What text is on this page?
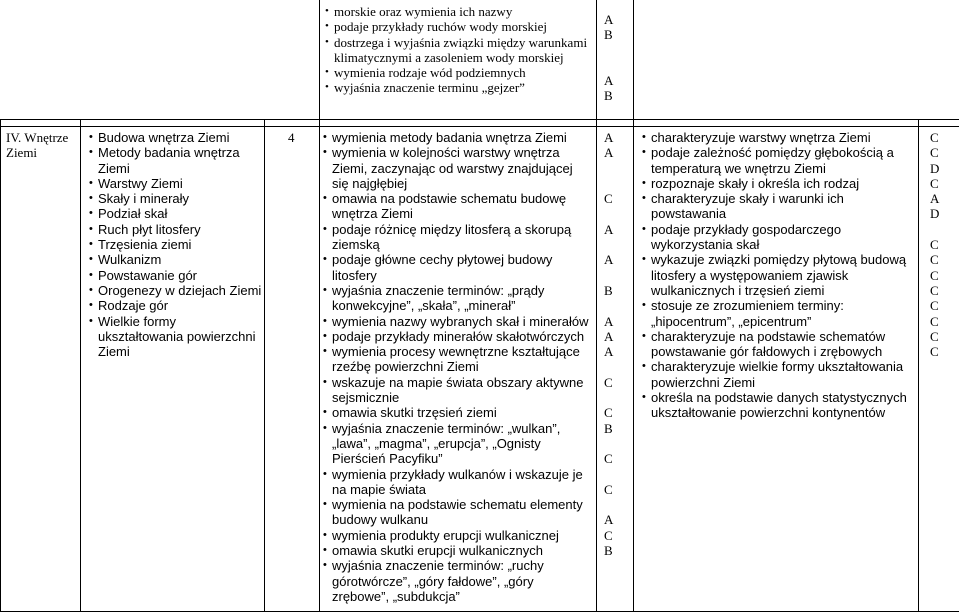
• morskie oraz wymienia ich nazwy
• podaje przykłady ruchów wody morskiej
• dostrzega i wyjaśnia związki między warunkami klimatycznymi a zasoleniem wody morskiej
• wymienia rodzaje wód podziemnych
• wyjaśnia znaczenie terminu „gejzer”
A
B
A
B
IV. Wnętrze Ziemi
• Budowa wnętrza Ziemi
• Metody badania wnętrza Ziemi
• Warstwy Ziemi
• Skały i minerały
• Podział skał
• Ruch płyt litosfery
• Trzęsienia ziemi
• Wulkanizm
• Powstawanie gór
• Orogenezy w dziejach Ziemi
• Rodzaje gór
• Wielkie formy ukształtowania powierzchni Ziemi
4
•	wymienia metody badania wnętrza Ziemi
• wymienia w kolejności warstwy wnętrza Ziemi, zaczynając od warstwy znajdującej się najgłębiej
• omawia na podstawie schematu budowę wnętrza Ziemi
• podaje różnicę między litosferą a skorupą ziemską
• podaje główne cechy płytowej budowy litosfery
• wyjaśnia znaczenie terminów: „prądy konwekcyjne”, „skała”, „minerał”
• wymienia nazwy wybranych skał i minerałów
• podaje przykłady minerałów skałotwórczych
• wymienia procesy wewnętrzne kształtujące rzeźbę powierzchni Ziemi
• wskazuje na mapie świata obszary aktywne sejsmicznie
• omawia skutki trzęsień ziemi
• wyjaśnia znaczenie terminów: „wulkan”, „lawa”, „magma”, „erupcja”, „Ognisty Pierścień Pacyfiku”
• wymienia przykłady wulkanów i wskazuje je na mapie świata
• wymienia na podstawie schematu elementy budowy wulkanu
• wymienia produkty erupcji wulkanicznej
• omawia skutki erupcji wulkanicznych
• wyjaśnia znaczenie terminów: „ruchy górotwórcze”, „góry fałdowe”, „góry zrębowe”, „subdukcja”
A
A
C
A
A
B
A
A
A
C
C
B
C
C
A
C
B
• charakteryzuje warstwy wnętrza Ziemi
• podaje zależność pomiędzy głębokością a temperaturą we wnętrzu Ziemi
• rozpoznaje skały i określa ich rodzaj
• charakteryzuje skały i warunki ich powstawania
• podaje przykłady gospodarczego wykorzystania skał
• wykazuje związki pomiędzy płytową budową litosfery a występowaniem zjawisk wulkanicznych i trzęsień ziemi
• stosuje ze zrozumieniem terminy: „hipocentrum”, „epicentrum”
• charakteryzuje na podstawie schematów powstawanie gór fałdowych i zrębowych
• charakteryzuje wielkie formy ukształtowania powierzchni Ziemi
• określa na podstawie danych statystycznych ukształtowanie powierzchni kontynentów
C
C
D
C
A
D
C
C
C
C
C
C
C
C
